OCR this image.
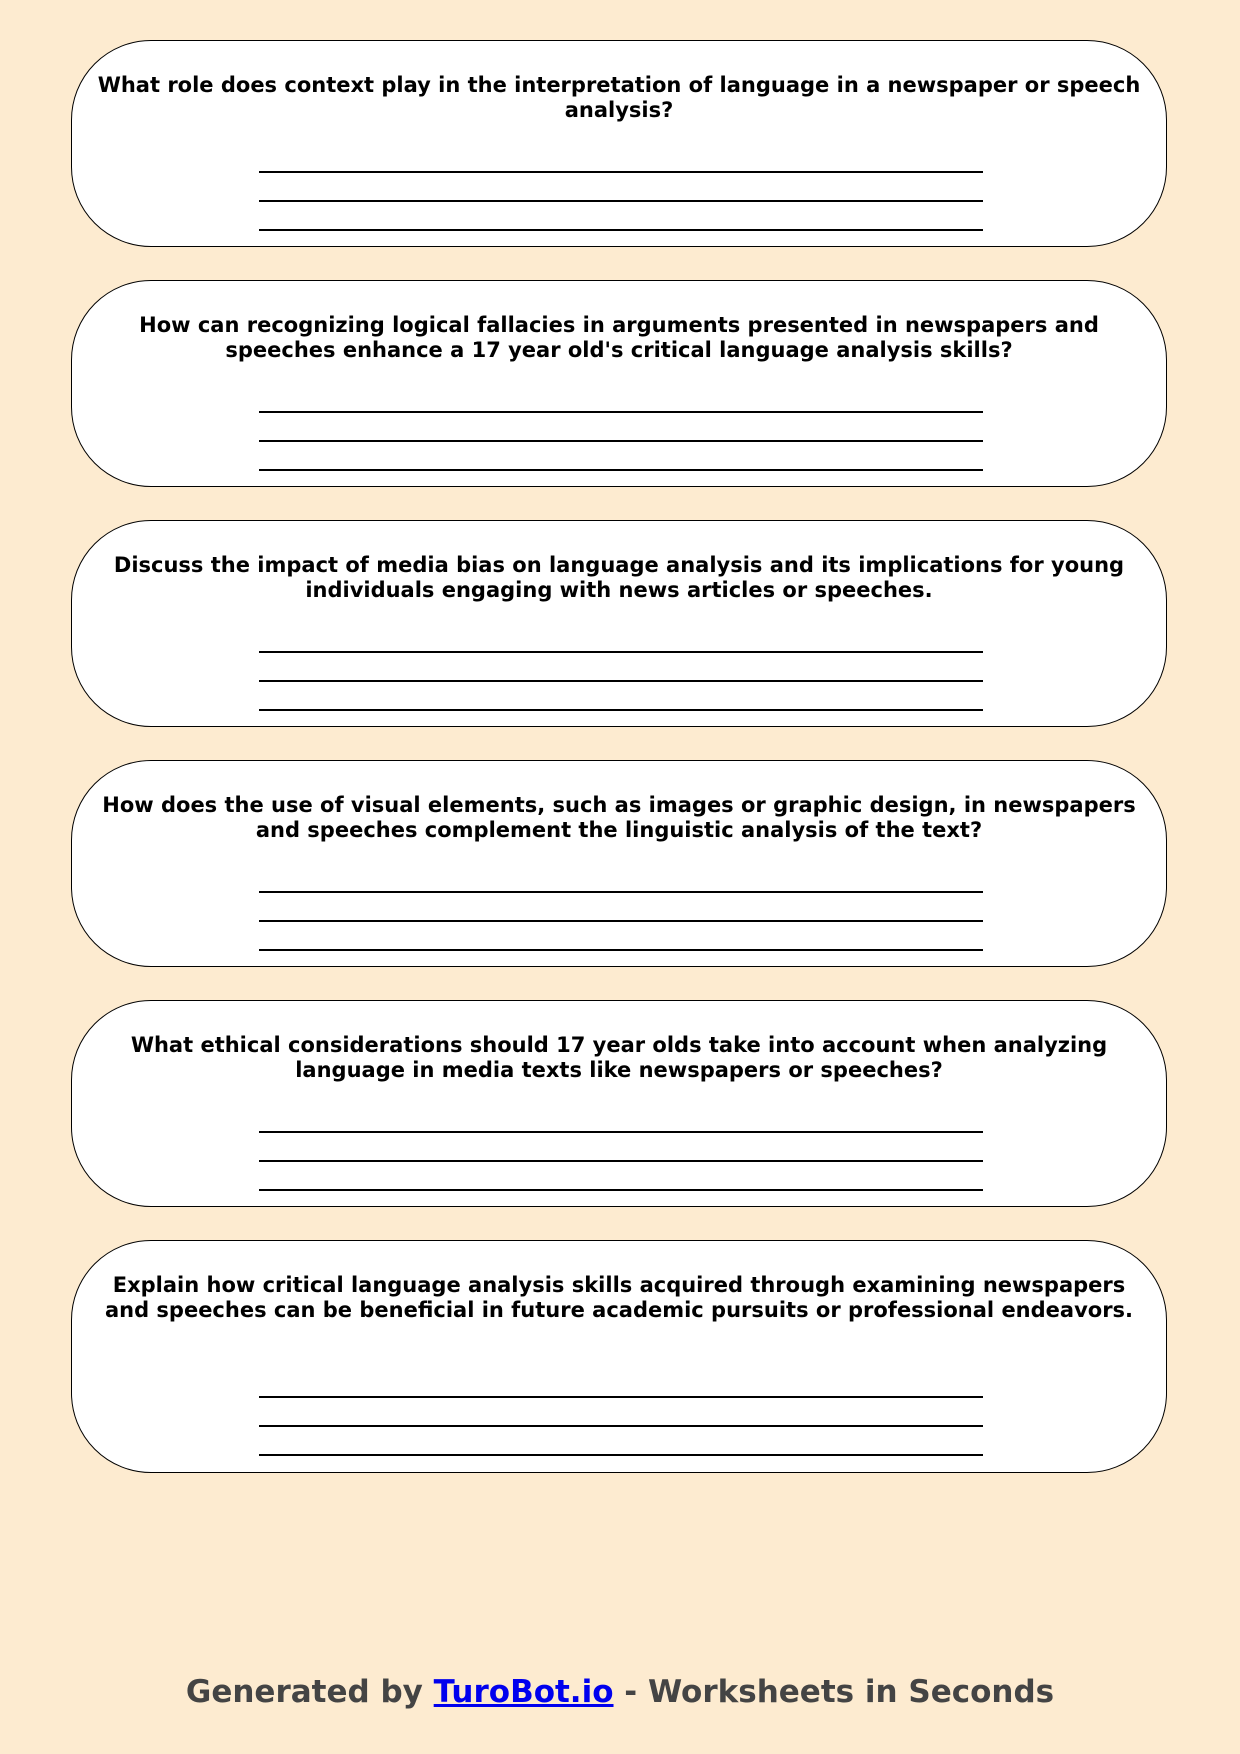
What role does context play in the interpretation of language in a newspaper or speech analysis?

How can recognizing logical fallacies in arguments presented in newspapers and speeches enhance a 17 year old's critical language analysis skills?

Discuss the impact of media bias on language analysis and its implications for young individuals engaging with news articles or speeches.

How does the use of visual elements, such as images or graphic design, in newspapers and speeches complement the linguistic analysis of the text?

What ethical considerations should 17 year olds take into account when analyzing language in media texts like newspapers or speeches?

Explain how critical language analysis skills acquired through examining newspapers and speeches can be beneficial in future academic pursuits or professional endeavors.

Generated by TuroBot.io - Worksheets in Seconds
